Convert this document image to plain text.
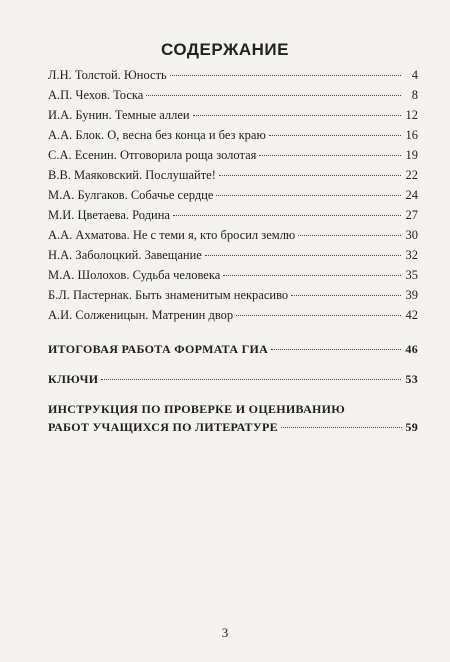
СОДЕРЖАНИЕ
Л.Н. Толстой. Юность	4
А.П. Чехов. Тоска	8
И.А. Бунин. Темные аллеи	12
А.А. Блок. О, весна без конца и без краю	16
С.А. Есенин. Отговорила роща золотая	19
В.В. Маяковский. Послушайте!	22
М.А. Булгаков. Собачье сердце	24
М.И. Цветаева. Родина	27
А.А. Ахматова. Не с теми я, кто бросил землю	30
Н.А. Заболоцкий. Завещание	32
М.А. Шолохов. Судьба человека	35
Б.Л. Пастернак. Быть знаменитым некрасиво	39
А.И. Солженицын. Матренин двор	42
ИТОГОВАЯ РАБОТА ФОРМАТА ГИА	46
КЛЮЧИ	53
ИНСТРУКЦИЯ ПО ПРОВЕРКЕ И ОЦЕНИВАНИЮ
РАБОТ УЧАЩИХСЯ ПО ЛИТЕРАТУРЕ	59
3
